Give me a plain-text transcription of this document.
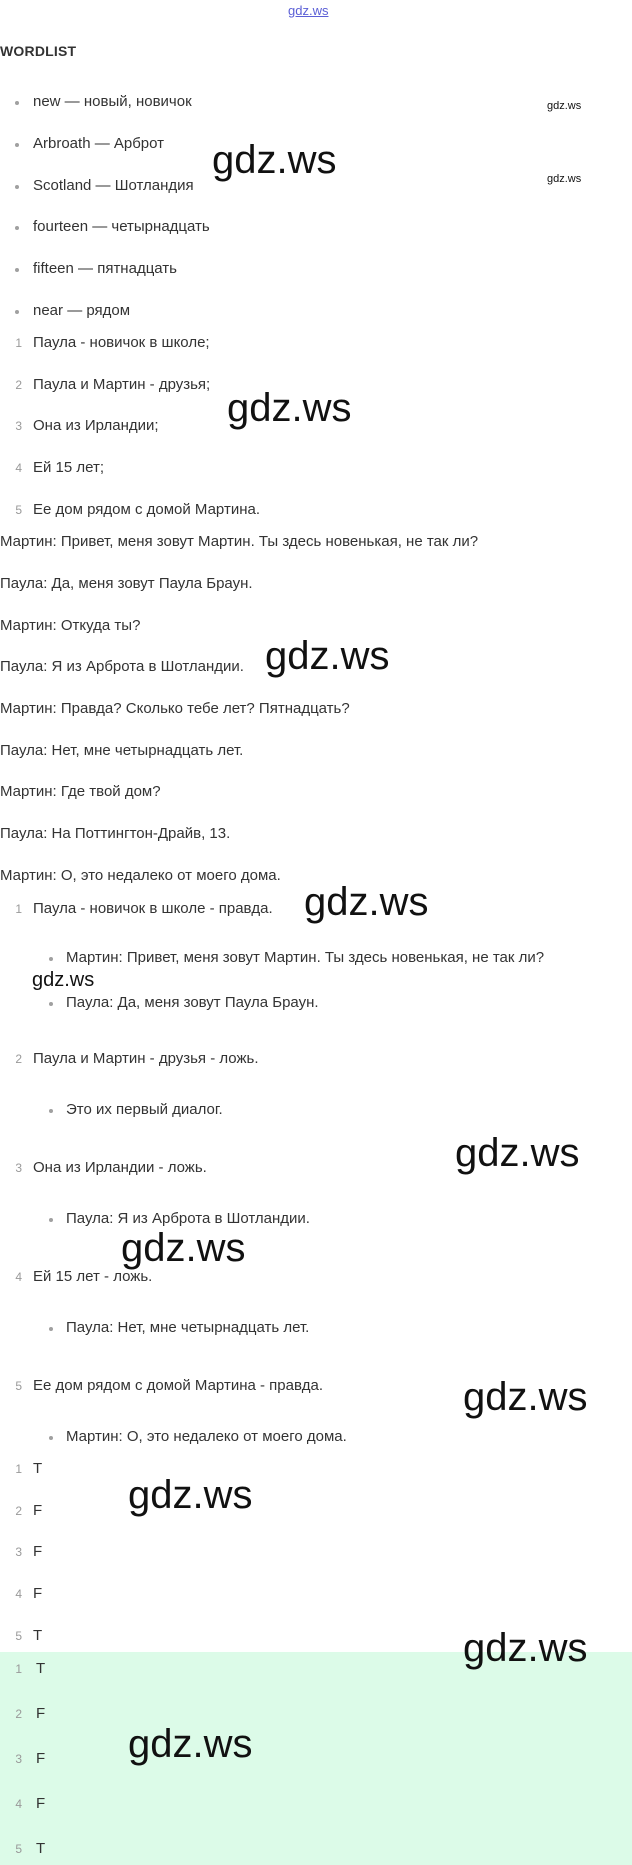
gdz.ws
WORDLIST
new — новый, новичок
Arbroath — Арброт
Scotland — Шотландия
fourteen — четырнадцать
fifteen — пятнадцать
near — рядом
1 Паула - новичок в школе;
2 Паула и Мартин - друзья;
3 Она из Ирландии;
4 Ей 15 лет;
5 Ее дом рядом с домой Мартина.
Мартин: Привет, меня зовут Мартин. Ты здесь новенькая, не так ли?
Паула: Да, меня зовут Паула Браун.
Мартин: Откуда ты?
Паула: Я из Арброта в Шотландии.
Мартин: Правда? Сколько тебе лет? Пятнадцать?
Паула: Нет, мне четырнадцать лет.
Мартин: Где твой дом?
Паула: На Поттингтон-Драйв, 13.
Мартин: О, это недалеко от моего дома.
1 Паула - новичок в школе - правда.
Мартин: Привет, меня зовут Мартин. Ты здесь новенькая, не так ли?
Паула: Да, меня зовут Паула Браун.
2 Паула и Мартин - друзья - ложь.
Это их первый диалог.
3 Она из Ирландии - ложь.
Паула: Я из Арброта в Шотландии.
4 Ей 15 лет - ложь.
Паула: Нет, мне четырнадцать лет.
5 Ее дом рядом с домой Мартина - правда.
Мартин: О, это недалеко от моего дома.
1 T
2 F
3 F
4 F
5 T
1 T
2 F
3 F
4 F
5 T
gdz.ws
gdz.ws
gdz.ws
gdz.ws
gdz.ws
gdz.ws
gdz.ws
gdz.ws
gdz.ws
gdz.ws
gdz.ws
gdz.ws
gdz.ws
